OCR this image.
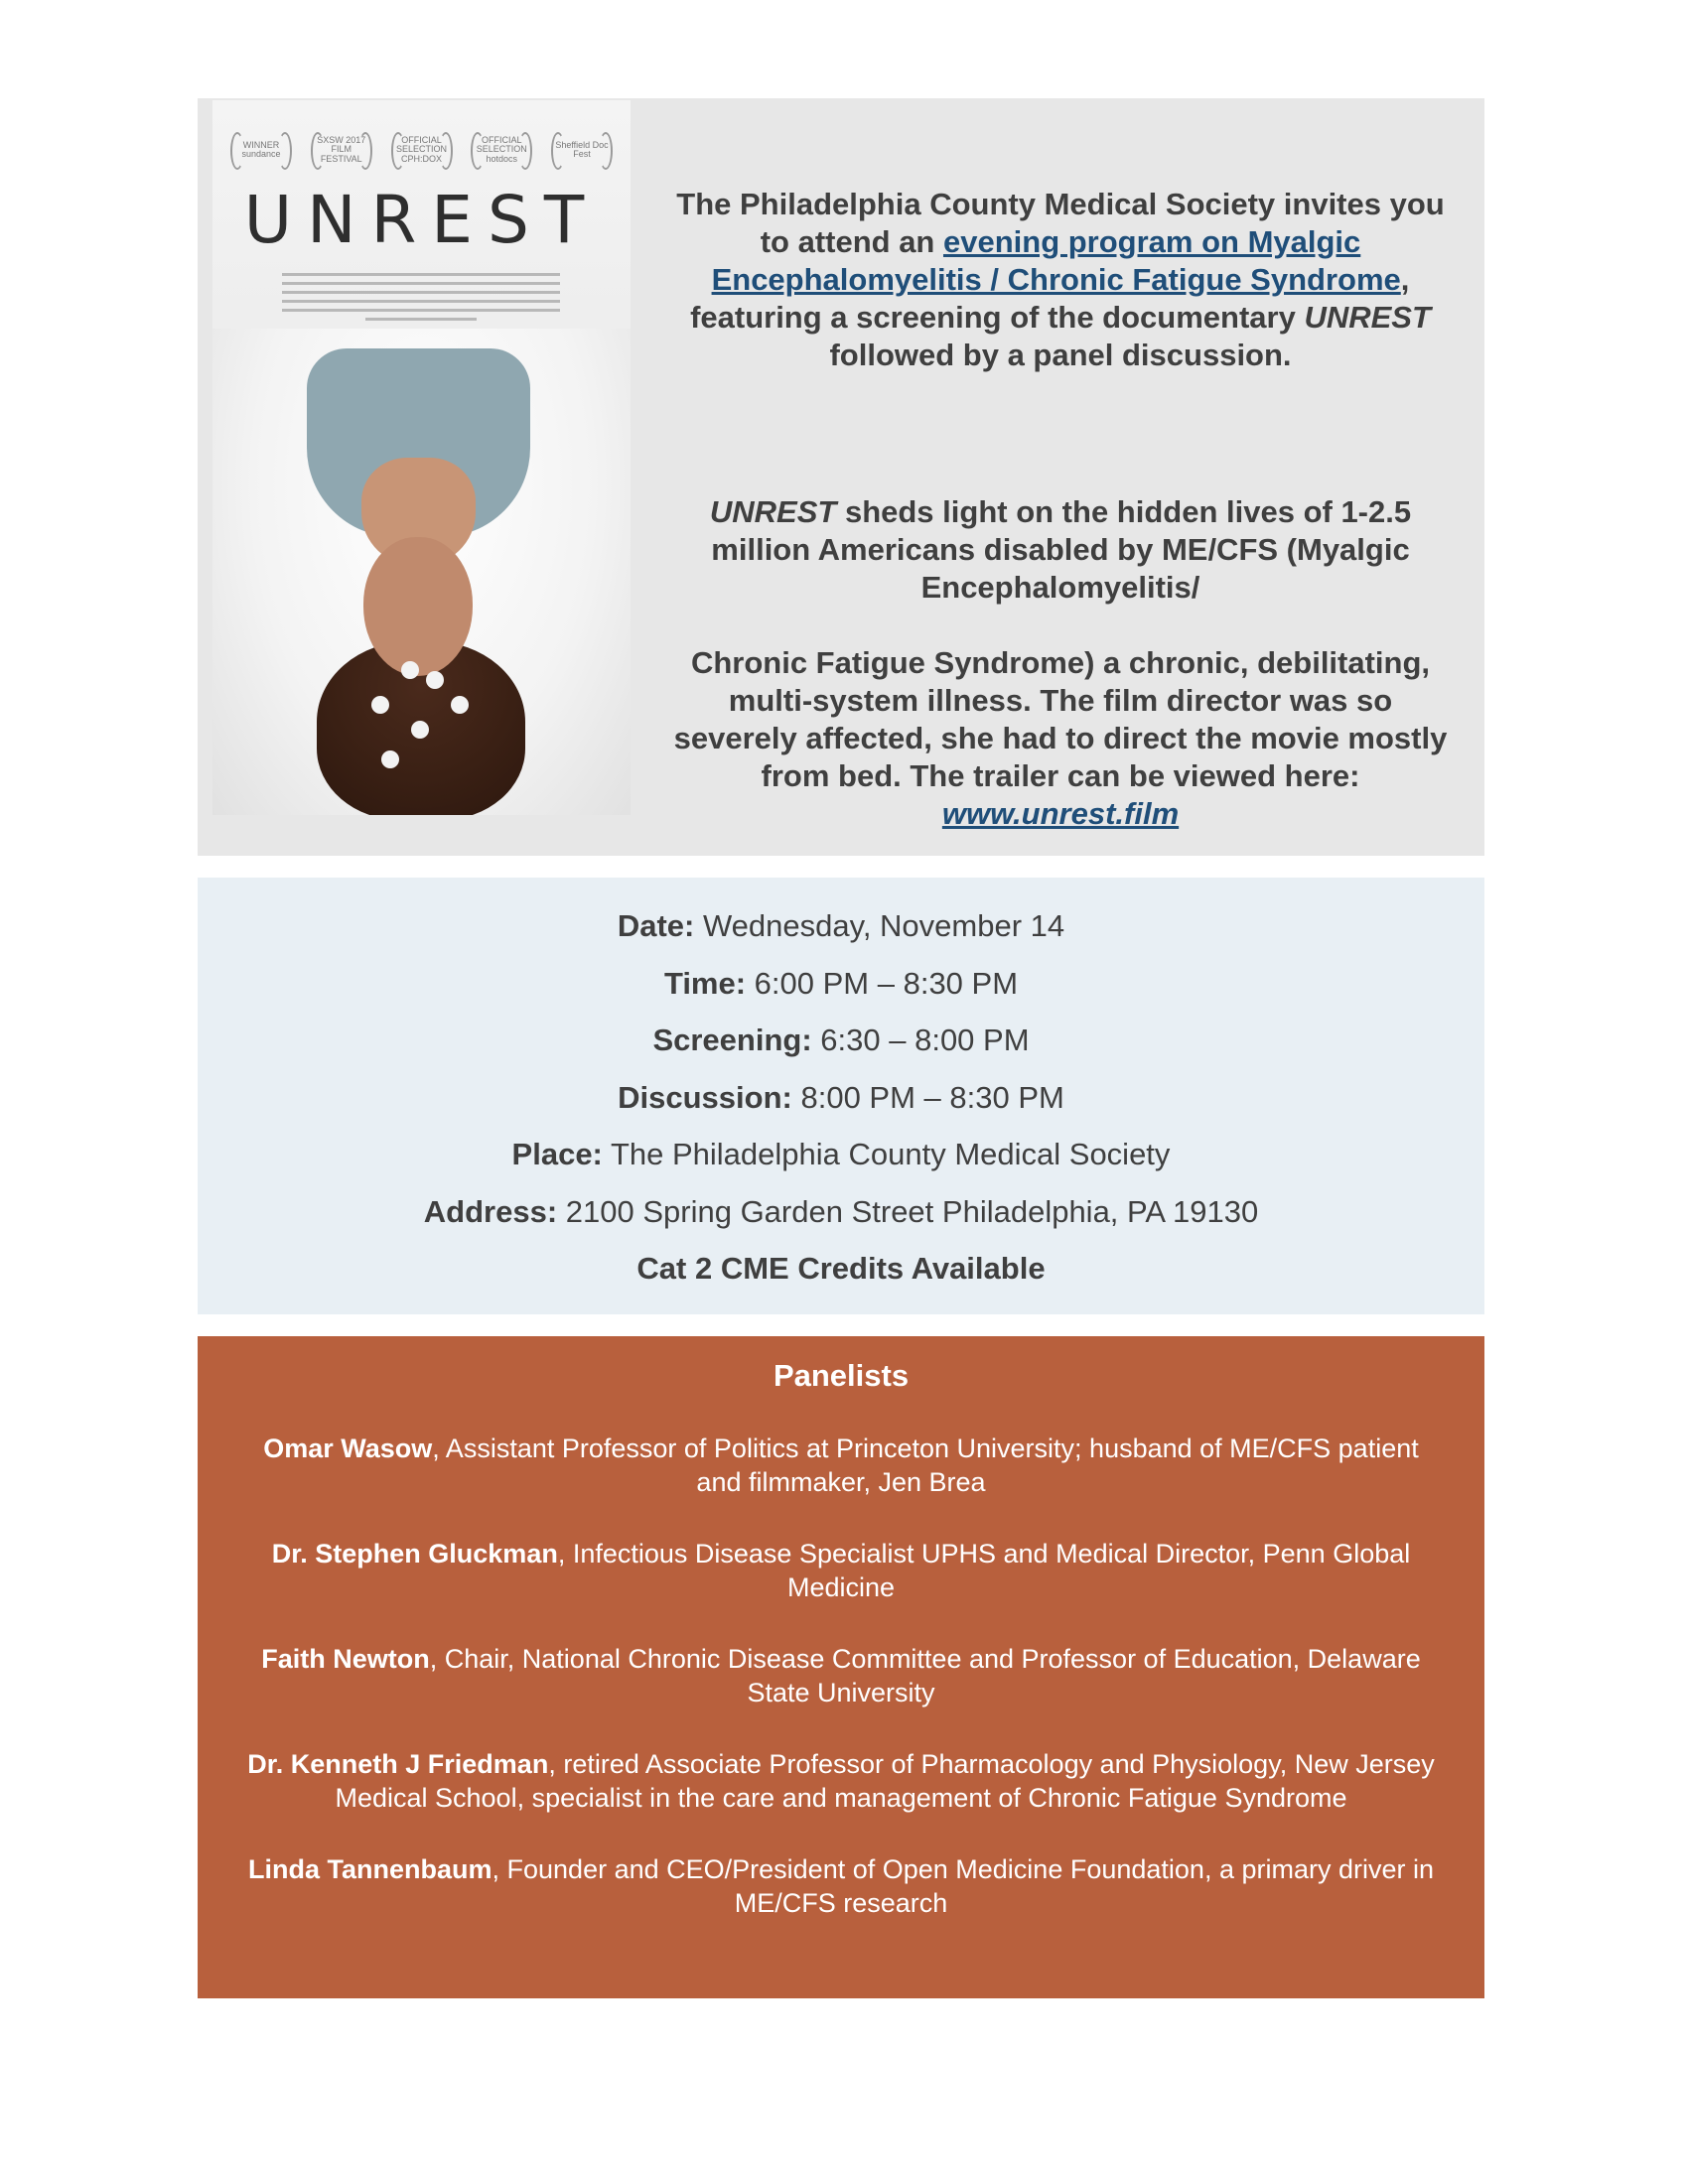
WINNER sundance
SXSW 2017 FILM FESTIVAL
OFFICIAL SELECTION CPH:DOX
OFFICIAL SELECTION hotdocs
Sheffield Doc Fest
UNREST	The Philadelphia County Medical Society invites you to attend an evening program on Myalgic Encephalomyelitis / Chronic Fatigue Syndrome, featuring a screening of the documentary UNREST followed by a panel discussion.

UNREST sheds light on the hidden lives of 1-2.5 million Americans disabled by ME/CFS (Myalgic Encephalomyelitis/

Chronic Fatigue Syndrome) a chronic, debilitating, multi-system illness. The film director was so severely affected, she had to direct the movie mostly from bed. The trailer can be viewed here: www.unrest.film

Date: Wednesday, November 14
Time: 6:00 PM – 8:30 PM
Screening: 6:30 – 8:00 PM
Discussion: 8:00 PM – 8:30 PM
Place: The Philadelphia County Medical Society
Address: 2100 Spring Garden Street Philadelphia, PA 19130
Cat 2 CME Credits Available
Panelists

Omar Wasow, Assistant Professor of Politics at Princeton University; husband of ME/CFS patient and filmmaker, Jen Brea

Dr. Stephen Gluckman, Infectious Disease Specialist UPHS and Medical Director, Penn Global Medicine

Faith Newton, Chair, National Chronic Disease Committee and Professor of Education, Delaware State University

Dr. Kenneth J Friedman, retired Associate Professor of Pharmacology and Physiology, New Jersey Medical School, specialist in the care and management of Chronic Fatigue Syndrome

Linda Tannenbaum, Founder and CEO/President of Open Medicine Foundation, a primary driver in ME/CFS research
